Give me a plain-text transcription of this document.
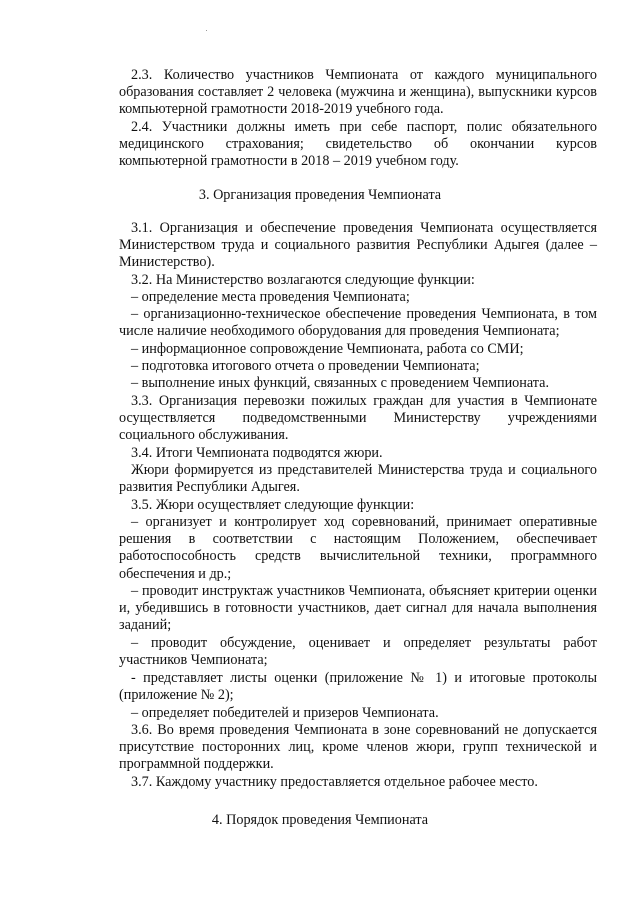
2.3. Количество участников Чемпионата от каждого муниципального образования составляет 2 человека (мужчина и женщина), выпускники курсов компьютерной грамотности 2018-2019 учебного года.

2.4. Участники должны иметь при себе паспорт, полис обязательного медицинского страхования; свидетельство об окончании курсов компьютерной грамотности в 2018 – 2019 учебном году.

3. Организация проведения Чемпионата

3.1. Организация и обеспечение проведения Чемпионата осуществляется Министерством труда и социального развития Республики Адыгея (далее – Министерство).

3.2. На Министерство возлагаются следующие функции:

– определение места проведения Чемпионата;

– организационно-техническое обеспечение проведения Чемпионата, в том числе наличие необходимого оборудования для проведения Чемпионата;

– информационное сопровождение Чемпионата, работа со СМИ;

– подготовка итогового отчета о проведении Чемпионата;

– выполнение иных функций, связанных с проведением Чемпионата.

3.3. Организация перевозки пожилых граждан для участия в Чемпионате осуществляется подведомственными Министерству учреждениями социального обслуживания.

3.4. Итоги Чемпионата подводятся жюри.

Жюри формируется из представителей Министерства труда и социального развития Республики Адыгея.

3.5. Жюри осуществляет следующие функции:

– организует и контролирует ход соревнований, принимает оперативные решения в соответствии с настоящим Положением, обеспечивает работоспособность средств вычислительной техники, программного обеспечения и др.;

– проводит инструктаж участников Чемпионата, объясняет критерии оценки и, убедившись в готовности участников, дает сигнал для начала выполнения заданий;

– проводит обсуждение, оценивает и определяет результаты работ участников Чемпионата;

- представляет листы оценки (приложение № 1) и итоговые протоколы (приложение № 2);

– определяет победителей и призеров Чемпионата.

3.6. Во время проведения Чемпионата в зоне соревнований не допускается присутствие посторонних лиц, кроме членов жюри, групп технической и программной поддержки.

3.7. Каждому участнику предоставляется отдельное рабочее место.

4. Порядок проведения Чемпионата
